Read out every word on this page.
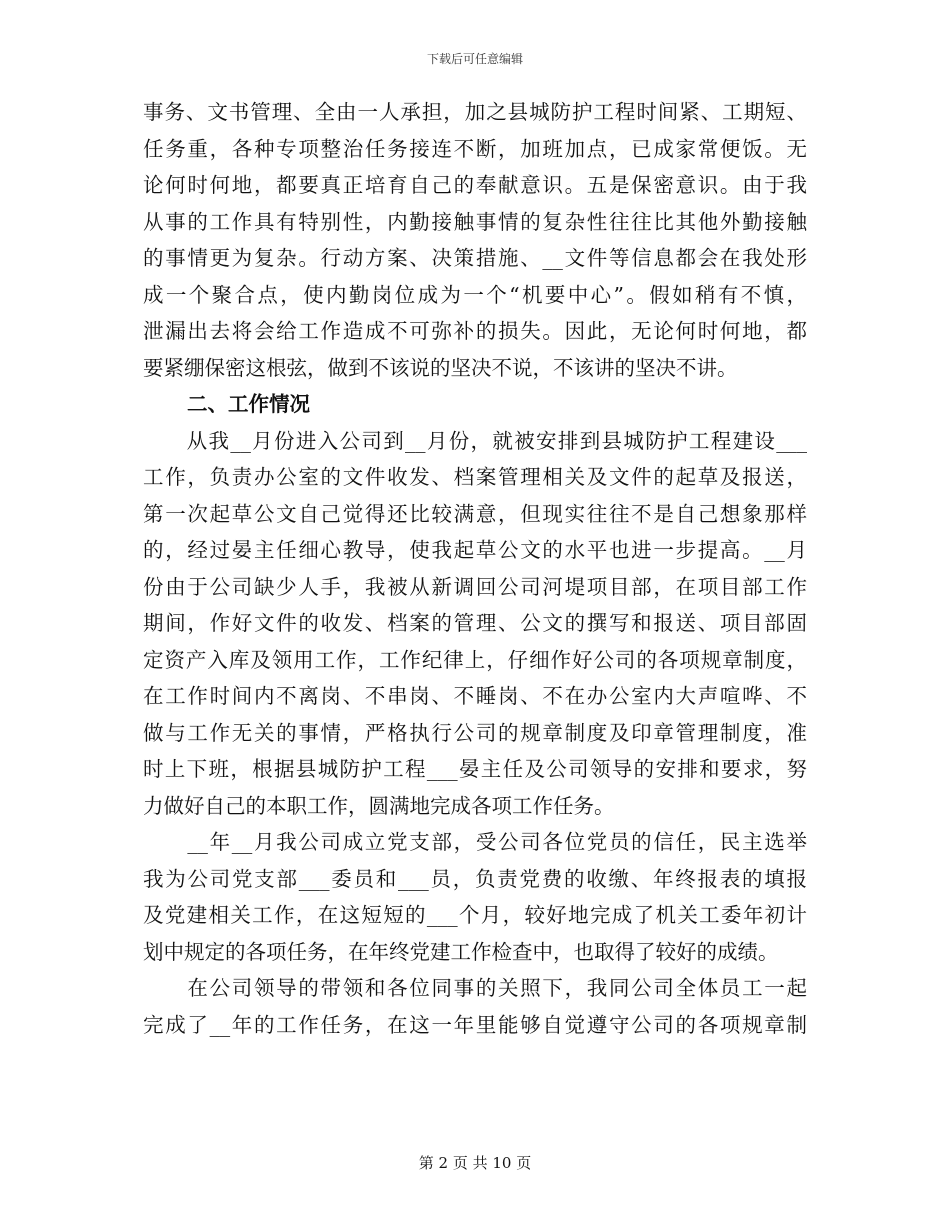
下载后可任意编辑
事务、文书管理、全由一人承担，加之县城防护工程时间紧、工期短、
任务重，各种专项整治任务接连不断，加班加点，已成家常便饭。无
论何时何地，都要真正培育自己的奉献意识。五是保密意识。由于我
从事的工作具有特别性，内勤接触事情的复杂性往往比其他外勤接触
的事情更为复杂。行动方案、决策措施、__文件等信息都会在我处形
成一个聚合点，使内勤岗位成为一个“机要中心”。假如稍有不慎，
泄漏出去将会给工作造成不可弥补的损失。因此，无论何时何地，都
要紧绷保密这根弦，做到不该说的坚决不说，不该讲的坚决不讲。
二、工作情况
　　从我__月份进入公司到__月份，就被安排到县城防护工程建设___
工作，负责办公室的文件收发、档案管理相关及文件的起草及报送，
第一次起草公文自己觉得还比较满意，但现实往往不是自己想象那样
的，经过晏主任细心教导，使我起草公文的水平也进一步提高。__月
份由于公司缺少人手，我被从新调回公司河堤项目部，在项目部工作
期间，作好文件的收发、档案的管理、公文的撰写和报送、项目部固
定资产入库及领用工作，工作纪律上，仔细作好公司的各项规章制度，
在工作时间内不离岗、不串岗、不睡岗、不在办公室内大声喧哗、不
做与工作无关的事情，严格执行公司的规章制度及印章管理制度，准
时上下班，根据县城防护工程___晏主任及公司领导的安排和要求，努
力做好自己的本职工作，圆满地完成各项工作任务。
　　__年__月我公司成立党支部，受公司各位党员的信任，民主选举
我为公司党支部___委员和___员，负责党费的收缴、年终报表的填报
及党建相关工作，在这短短的___个月，较好地完成了机关工委年初计
划中规定的各项任务，在年终党建工作检查中，也取得了较好的成绩。
　　在公司领导的带领和各位同事的关照下，我同公司全体员工一起
完成了__年的工作任务，在这一年里能够自觉遵守公司的各项规章制
第 2 页 共 10 页
